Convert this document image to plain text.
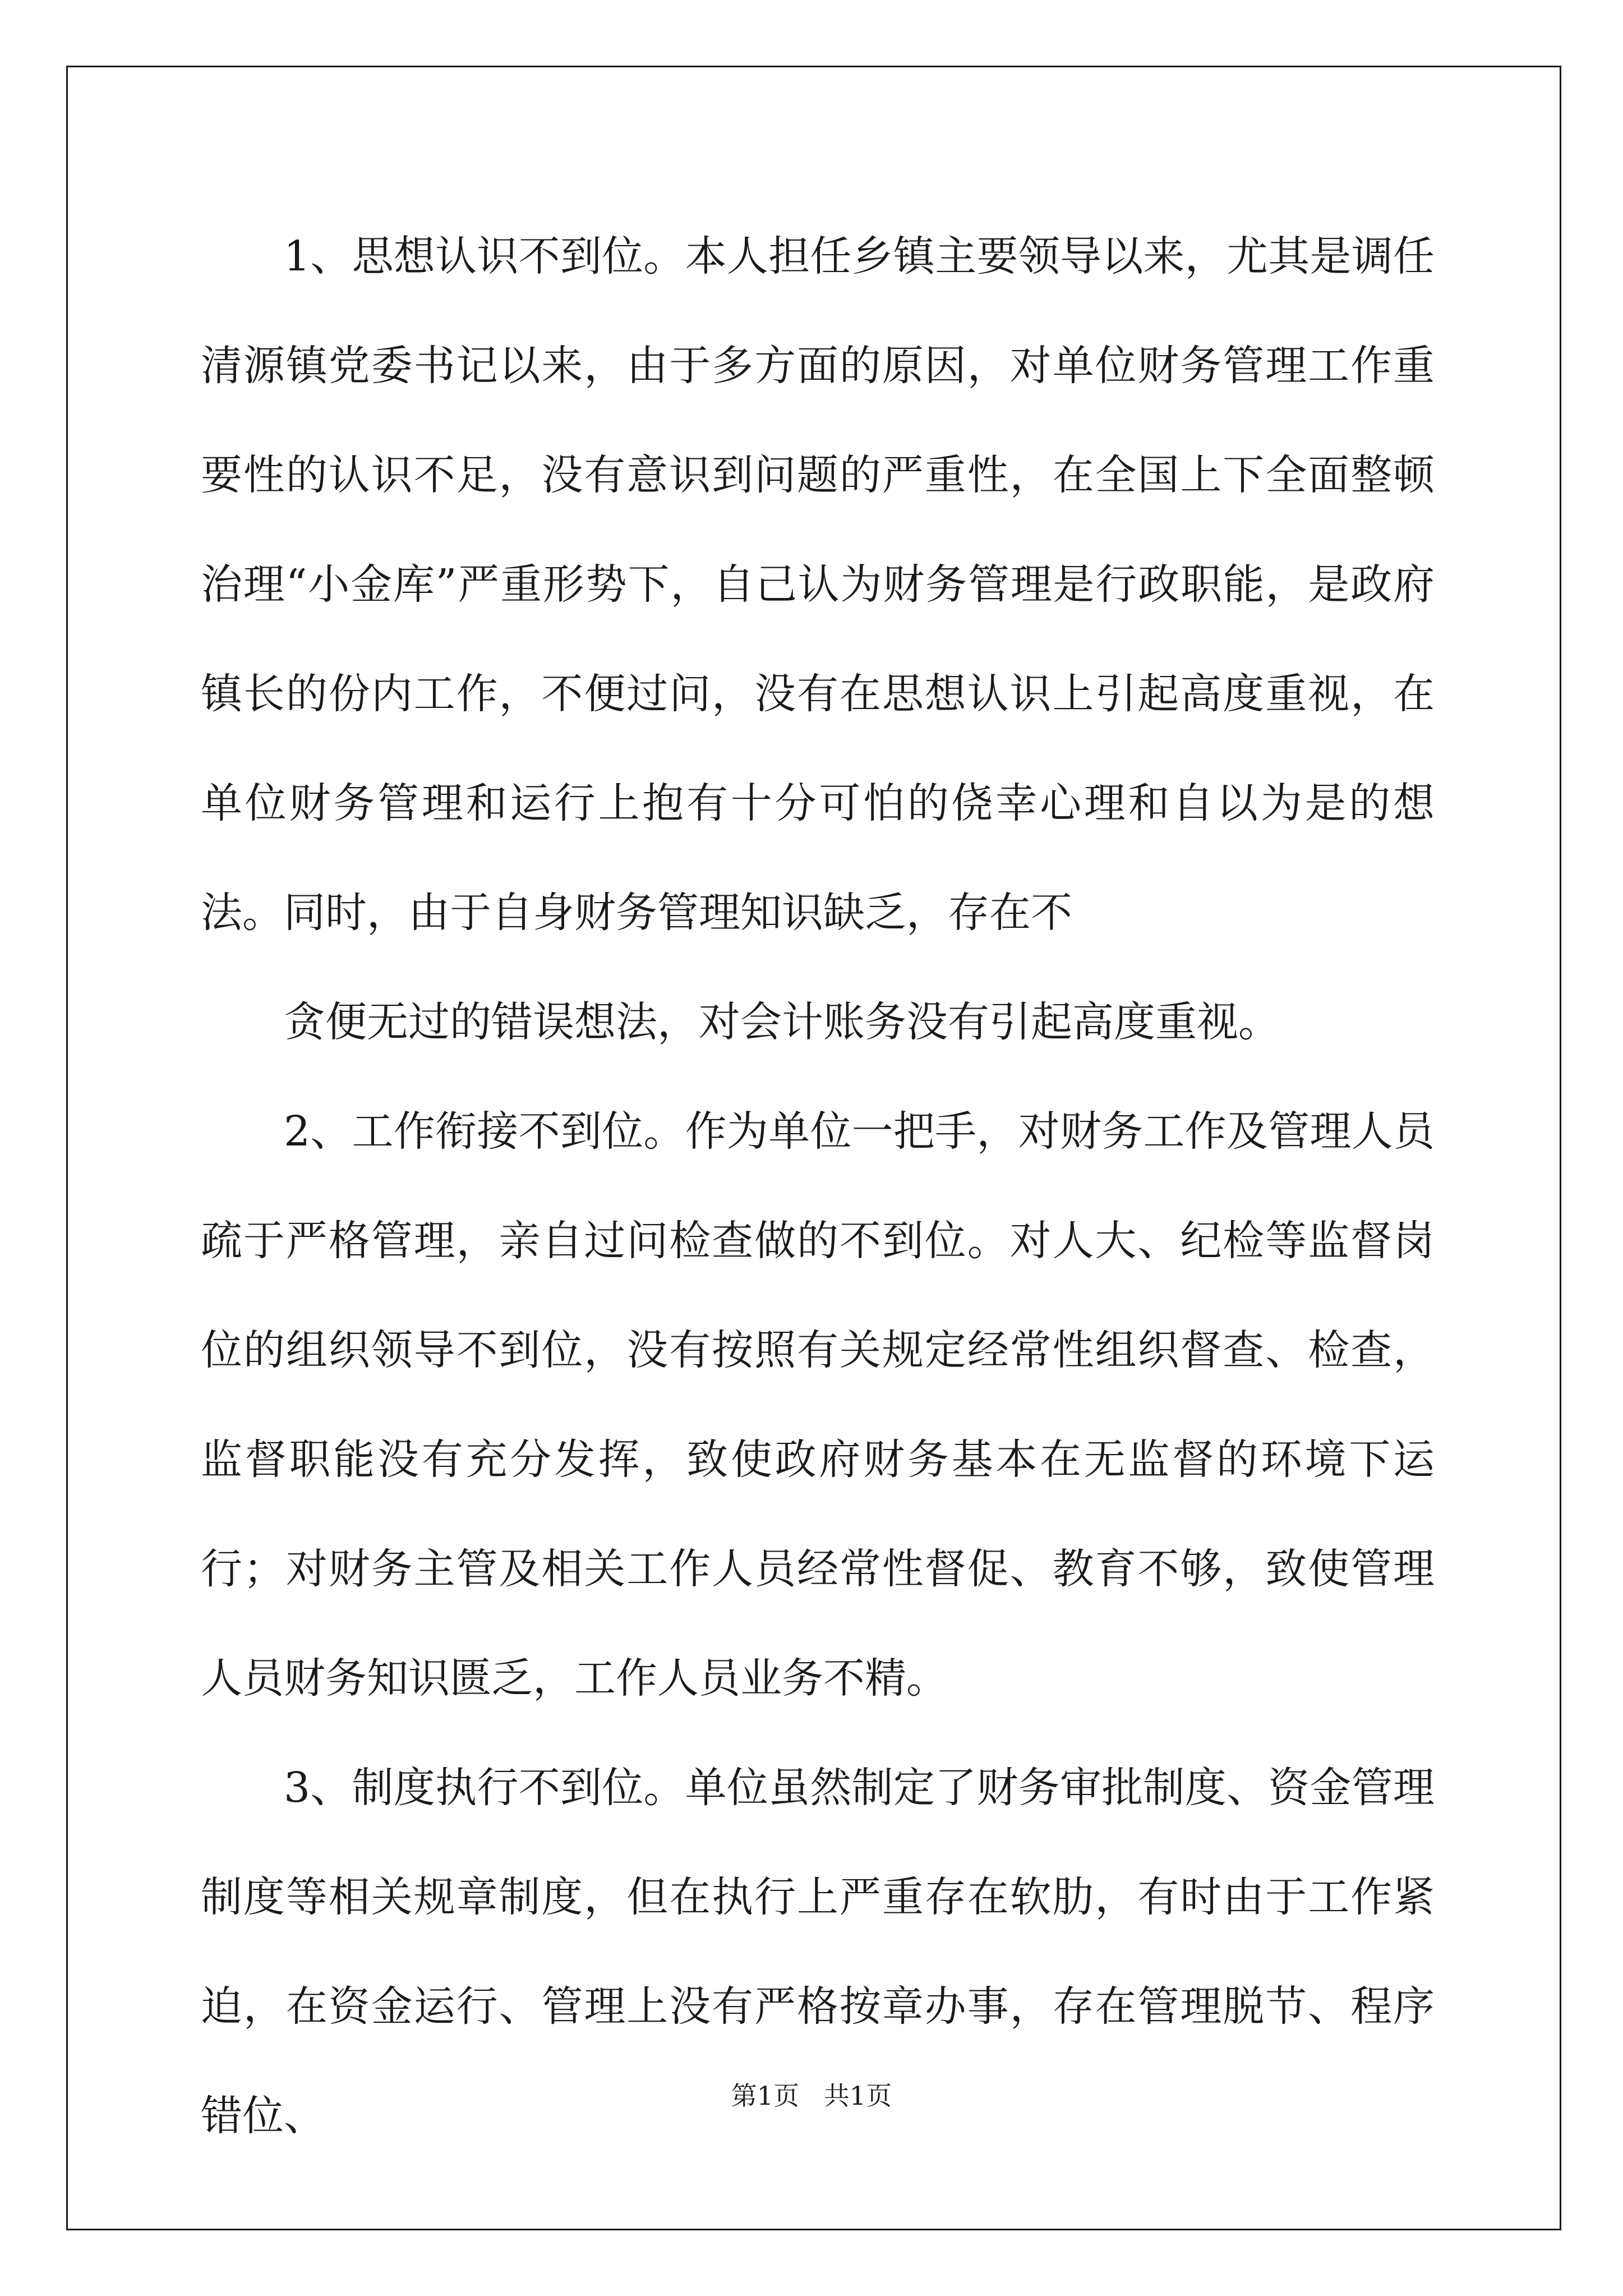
1、思想认识不到位。本人担任乡镇主要领导以来，尤其是调任清源镇党委书记以来，由于多方面的原因，对单位财务管理工作重要性的认识不足，没有意识到问题的严重性，在全国上下全面整顿治理“小金库”严重形势下，自己认为财务管理是行政职能，是政府镇长的份内工作，不便过问，没有在思想认识上引起高度重视，在单位财务管理和运行上抱有十分可怕的侥幸心理和自以为是的想法。同时，由于自身财务管理知识缺乏，存在不

贪便无过的错误想法，对会计账务没有引起高度重视。

2、工作衔接不到位。作为单位一把手，对财务工作及管理人员疏于严格管理，亲自过问检查做的不到位。对人大、纪检等监督岗位的组织领导不到位，没有按照有关规定经常性组织督查、检查，监督职能没有充分发挥，致使政府财务基本在无监督的环境下运行；对财务主管及相关工作人员经常性督促、教育不够，致使管理人员财务知识匮乏，工作人员业务不精。

3、制度执行不到位。单位虽然制定了财务审批制度、资金管理制度等相关规章制度，但在执行上严重存在软肋，有时由于工作紧迫，在资金运行、管理上没有严格按章办事，存在管理脱节、程序错位、	第1页   共1页
